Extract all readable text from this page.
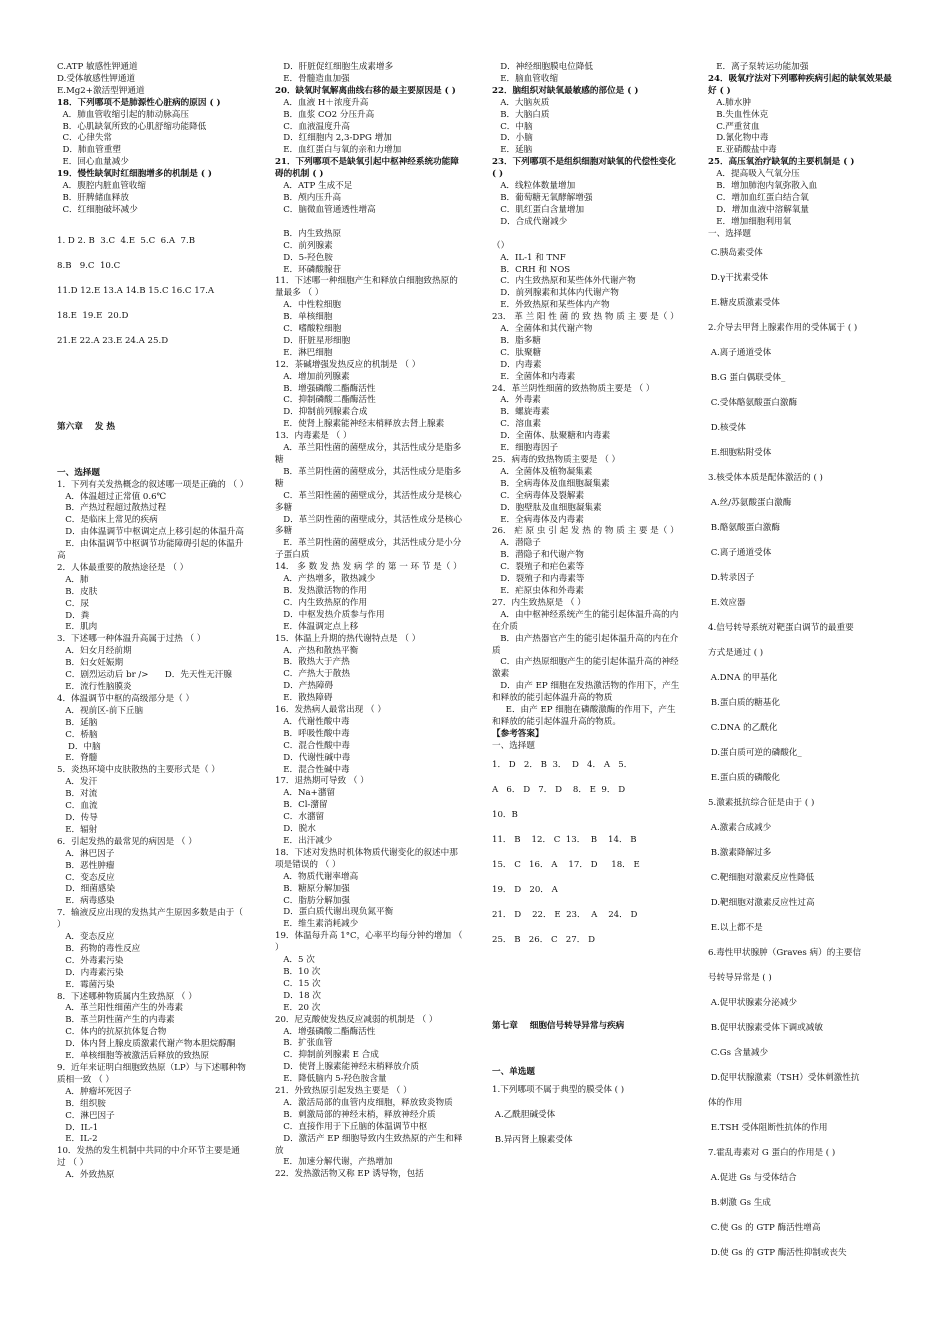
C.ATP 敏感性钾通道
D.受体敏感性钾通道
E.Mg2+激活型钾通道
18．下列哪项不是肺源性心脏病的原因 ( )
A．肺血管收缩引起的肺动脉高压
B．心肌缺氧所致的心肌舒缩功能降低
C．心律失常
D．肺血管重塑
E．回心血量减少
19．慢性缺氧时红细胞增多的机制是 ( )
A．腹腔内脏血管收缩
B．肝脾储血释放
C．红细胞破坏减少
1. D 2. B  3.C  4.E  5.C  6.A  7.B
8.B   9.C  10.C
11.D 12.E 13.A 14.B 15.C 16.C 17.A
18.E  19.E  20.D
21.E 22.A 23.E 24.A 25.D
第六章    发 热
一、选择题
1．下列有关发热概念的叙述哪一项是正确的 （ ）
A．体温超过正常值 0.6℃
B．产热过程超过散热过程
C．是临床上常见的疾病
D．由体温调节中枢调定点上移引起的体温升高
E．由体温调节中枢调节功能障碍引起的体温升高
2．人体最重要的散热途径是 （ ）
A．肺
B．皮肤
C．尿
D．粪
E．肌肉
3．下述哪一种体温升高属于过热 （ ）
A．妇女月经前期
B．妇女妊娠期
C．剧烈运动后 br />      D．先天性无汗腺
E．流行性脑膜炎
4．体温调节中枢的高级部分是（ ）
A．视前区-前下丘脑
B．延脑
C．桥脑
D．中脑
E．脊髓
5．炎热环境中皮肤散热的主要形式是（ ）
A．发汗
B．对流
C．血流
D．传导
E．辐射
6．引起发热的最常见的病因是 （ ）
A．淋巴因子
B．恶性肿瘤
C．变态反应
D．细菌感染
E．病毒感染
7．输液反应出现的发热其产生原因多数是由于（ ）
A．变态反应
B．药物的毒性反应
C．外毒素污染
D．内毒素污染
E．霉菌污染
8．下述哪种物质属内生致热原 （ ）
A．革兰阳性细菌产生的外毒素
B．革兰阴性菌产生的内毒素
C．体内的抗原抗体复合物
D．体内肾上腺皮质激素代谢产物本胆烷醇酮
E．单核细胞等被激活后释放的致热原
9．近年来证明白细胞致热原（LP）与下述哪种物质相一致 （ ）
A．肿瘤坏死因子
B．组织胺
C．淋巴因子
D．IL-1
E．IL-2
10．发热的发生机制中共同的中介环节主要是通过 （ ）
A．外致热原
D．肝脏促红细胞生成素增多
E．骨髓造血加强
20．缺氧时氧解离曲线右移的最主要原因是 ( )
A．血液 H＋浓度升高
B．血浆 CO2 分压升高
C．血液温度升高
D．红细胞内 2,3-DPG 增加
E．血红蛋白与氧的亲和力增加
21．下列哪项不是缺氧引起中枢神经系统功能障碍的机制 ( )
A．ATP 生成不足
B．颅内压升高
C．脑微血管通透性增高
B．内生致热原
C．前列腺素
D．5-羟色胺
E．环磷酸腺苷
11．下述哪一种细胞产生和释放白细胞致热原的量最多 （ ）
A．中性粒细胞
B．单核细胞
C．嗜酸粒细胞
D．肝脏星形细胞
E．淋巴细胞
12．茶碱增强发热反应的机制是 （ ）
A．增加前列腺素
B．增强磷酸二酯酶活性
C．抑制磷酸二酯酶活性
D．抑制前列腺素合成
E．使肾上腺素能神经末梢释放去肾上腺素
13．内毒素是 （ ）
A．革兰阳性菌的菌壁成分，其活性成分是脂多糖
B．革兰阴性菌的菌壁成分，其活性成分是脂多糖
C．革兰阳性菌的菌壁成分，其活性成分是核心多糖
D．革兰阴性菌的菌壁成分，其活性成分是核心多糖
E．革兰阴性菌的菌壁成分，其活性成分是小分子蛋白质
14． 多 数 发 热 发 病 学 的 第 一 环 节 是（ ）
A．产热增多，散热减少
B．发热激活物的作用
C．内生致热原的作用
D．中枢发热介质参与作用
E．体温调定点上移
15．体温上升期的热代谢特点是 （ ）
A．产热和散热平衡
B．散热大于产热
C．产热大于散热
D．产热障碍
E．散热障碍
16．发热病人最常出现 （ ）
A．代谢性酸中毒
B．呼吸性酸中毒
C．混合性酸中毒
D．代谢性碱中毒
E．混合性碱中毒
17．退热期可导致 （ ）
A．Na+潴留
B．Cl-潴留
C．水潴留
D．脱水
E．出汗减少
18．下述对发热时机体物质代谢变化的叙述中那项是错误的 （ ）
A．物质代谢率增高
B．糖原分解加强
C．脂肪分解加强
D．蛋白质代谢出现负氮平衡
E．维生素消耗减少
19．体温每升高 1°C，心率平均每分钟约增加 （ ）
A．5 次
B．10 次
C．15 次
D．18 次
E．20 次
20．尼克酸使发热反应减弱的机制是 （ ）
A．增强磷酸二酯酶活性
B．扩张血管
C．抑制前列腺素 E 合成
D．使肾上腺素能神经末梢释放介质
E．降低脑内 5-羟色胺含量
21．外致热原引起发热主要是 （ ）
A．激活局部的血管内皮细胞，释放致炎物质
B．刺激局部的神经末梢，释放神经介质
C．直接作用于下丘脑的体温调节中枢
D．激活产 EP 细胞导致内生致热原的产生和释放
E．加速分解代谢，产热增加
22．发热激活物又称 EP 诱导物，包括
D．神经细胞膜电位降低
E．脑血管收缩
22．脑组织对缺氧最敏感的部位是 ( )
A．大脑灰质
B．大脑白质
C．中脑
D．小脑
E．延脑
23．下列哪项不是组织细胞对缺氧的代偿性变化 ( )
A．线粒体数量增加
B．葡萄糖无氧酵解增强
C．肌红蛋白含量增加
D．合成代谢减少
（）
A．IL-1 和 TNF
B．CRH 和 NOS
C．内生致热原和某些体外代谢产物
D．前列腺素和其体内代谢产物
E．外致热原和某些体内产物
23． 革 兰 阳 性 菌 的 致 热 物 质 主 要 是（ ）
A．全菌体和其代谢产物
B．脂多糖
C．肽聚糖
D．内毒素
E．全菌体和内毒素
24．革兰阴性细菌的致热物质主要是 （ ）
A．外毒素
B．螺旋毒素
C．溶血素
D．全菌体、肽聚糖和内毒素
E．细胞毒因子
25．病毒的致热物质主要是 （ ）
A．全菌体及植物凝集素
B．全病毒体及血细胞凝集素
C．全病毒体及裂解素
D．胞壁肽及血细胞凝集素
E．全病毒体及内毒素
26． 疟 原 虫 引 起 发 热 的 物 质 主 要 是（ ）
A．潜隐子
B．潜隐子和代谢产物
C．裂殖子和疟色素等
D．裂殖子和内毒素等
E．疟原虫体和外毒素
27．内生致热原是 （ ）
A．由中枢神经系统产生的能引起体温升高的内在介质
B．由产热器官产生的能引起体温升高的内在介质
C．由产热原细胞产生的能引起体温升高的神经激素
D．由产 EP 细胞在发热激活物的作用下，产生和释放的能引起体温升高的物质
E．由产 EP 细胞在磷酸激酶的作用下，产生和释放的能引起体温升高的物质。
【参考答案】
一、选择题
1． D   2． B  3．  D   4． A   5．
A   6． D   7． D    8． E  9． D
10．B
11． B    12． C  13．  B    14． B
15． C   16． A    17． D     18． E
19． D   20． A
21． D    22． E  23．  A    24． D
25． B   26． C   27． D
第七章    细胞信号转导异常与疾病
一、单选题
1.下列哪项不属于典型的膜受体 ( )
A.乙酰胆碱受体
B.异丙肾上腺素受体
E．离子泵转运功能加强
24．吸氧疗法对下列哪种疾病引起的缺氧效果最好 ( )
A.肺水肿
B.失血性休克
C.严重贫血
D.氰化物中毒
E.亚硝酸盐中毒
25．高压氧治疗缺氧的主要机制是 ( )
A．提高吸入气氧分压
B．增加肺泡内氧弥散入血
C．增加血红蛋白结合氧
D．增加血液中溶解氧量
E．增加细胞利用氧
一、选择题
C.胰岛素受体
D.γ干扰素受体
E.糖皮质激素受体
2.介导去甲肾上腺素作用的受体属于 ( )
A.离子通道受体
B.G 蛋白偶联受体_
C.受体酪氨酸蛋白激酶
D.核受体
E.细胞粘附受体
3.核受体本质是配体激活的 ( )
A.丝/苏氨酸蛋白激酶
B.酪氨酸蛋白激酶
C.离子通道受体
D.转录因子
E.效应器
4.信号转导系统对靶蛋白调节的最重要
方式是通过 ( )
A.DNA 的甲基化
B.蛋白质的糖基化
C.DNA 的乙酰化
D.蛋白质可逆的磷酸化_
E.蛋白质的磷酸化
5.激素抵抗综合征是由于 ( )
A.激素合成减少
B.激素降解过多
C.靶细胞对激素反应性降低
D.靶细胞对激素反应性过高
E.以上都不是
6.毒性甲状腺肿（Graves 病）的主要信
号转导异常是 ( )
A.促甲状腺素分泌减少
B.促甲状腺素受体下调或减敏
C.Gs 含量减少
D.促甲状腺激素（TSH）受体刺激性抗
体的作用
E.TSH 受体阻断性抗体的作用
7.霍乱毒素对 G 蛋白的作用是 ( )
A.促进 Gs 与受体结合
B.刺激 Gs 生成
C.使 Gs 的 GTP 酶活性增高
D.使 Gs 的 GTP 酶活性抑制或丧失
